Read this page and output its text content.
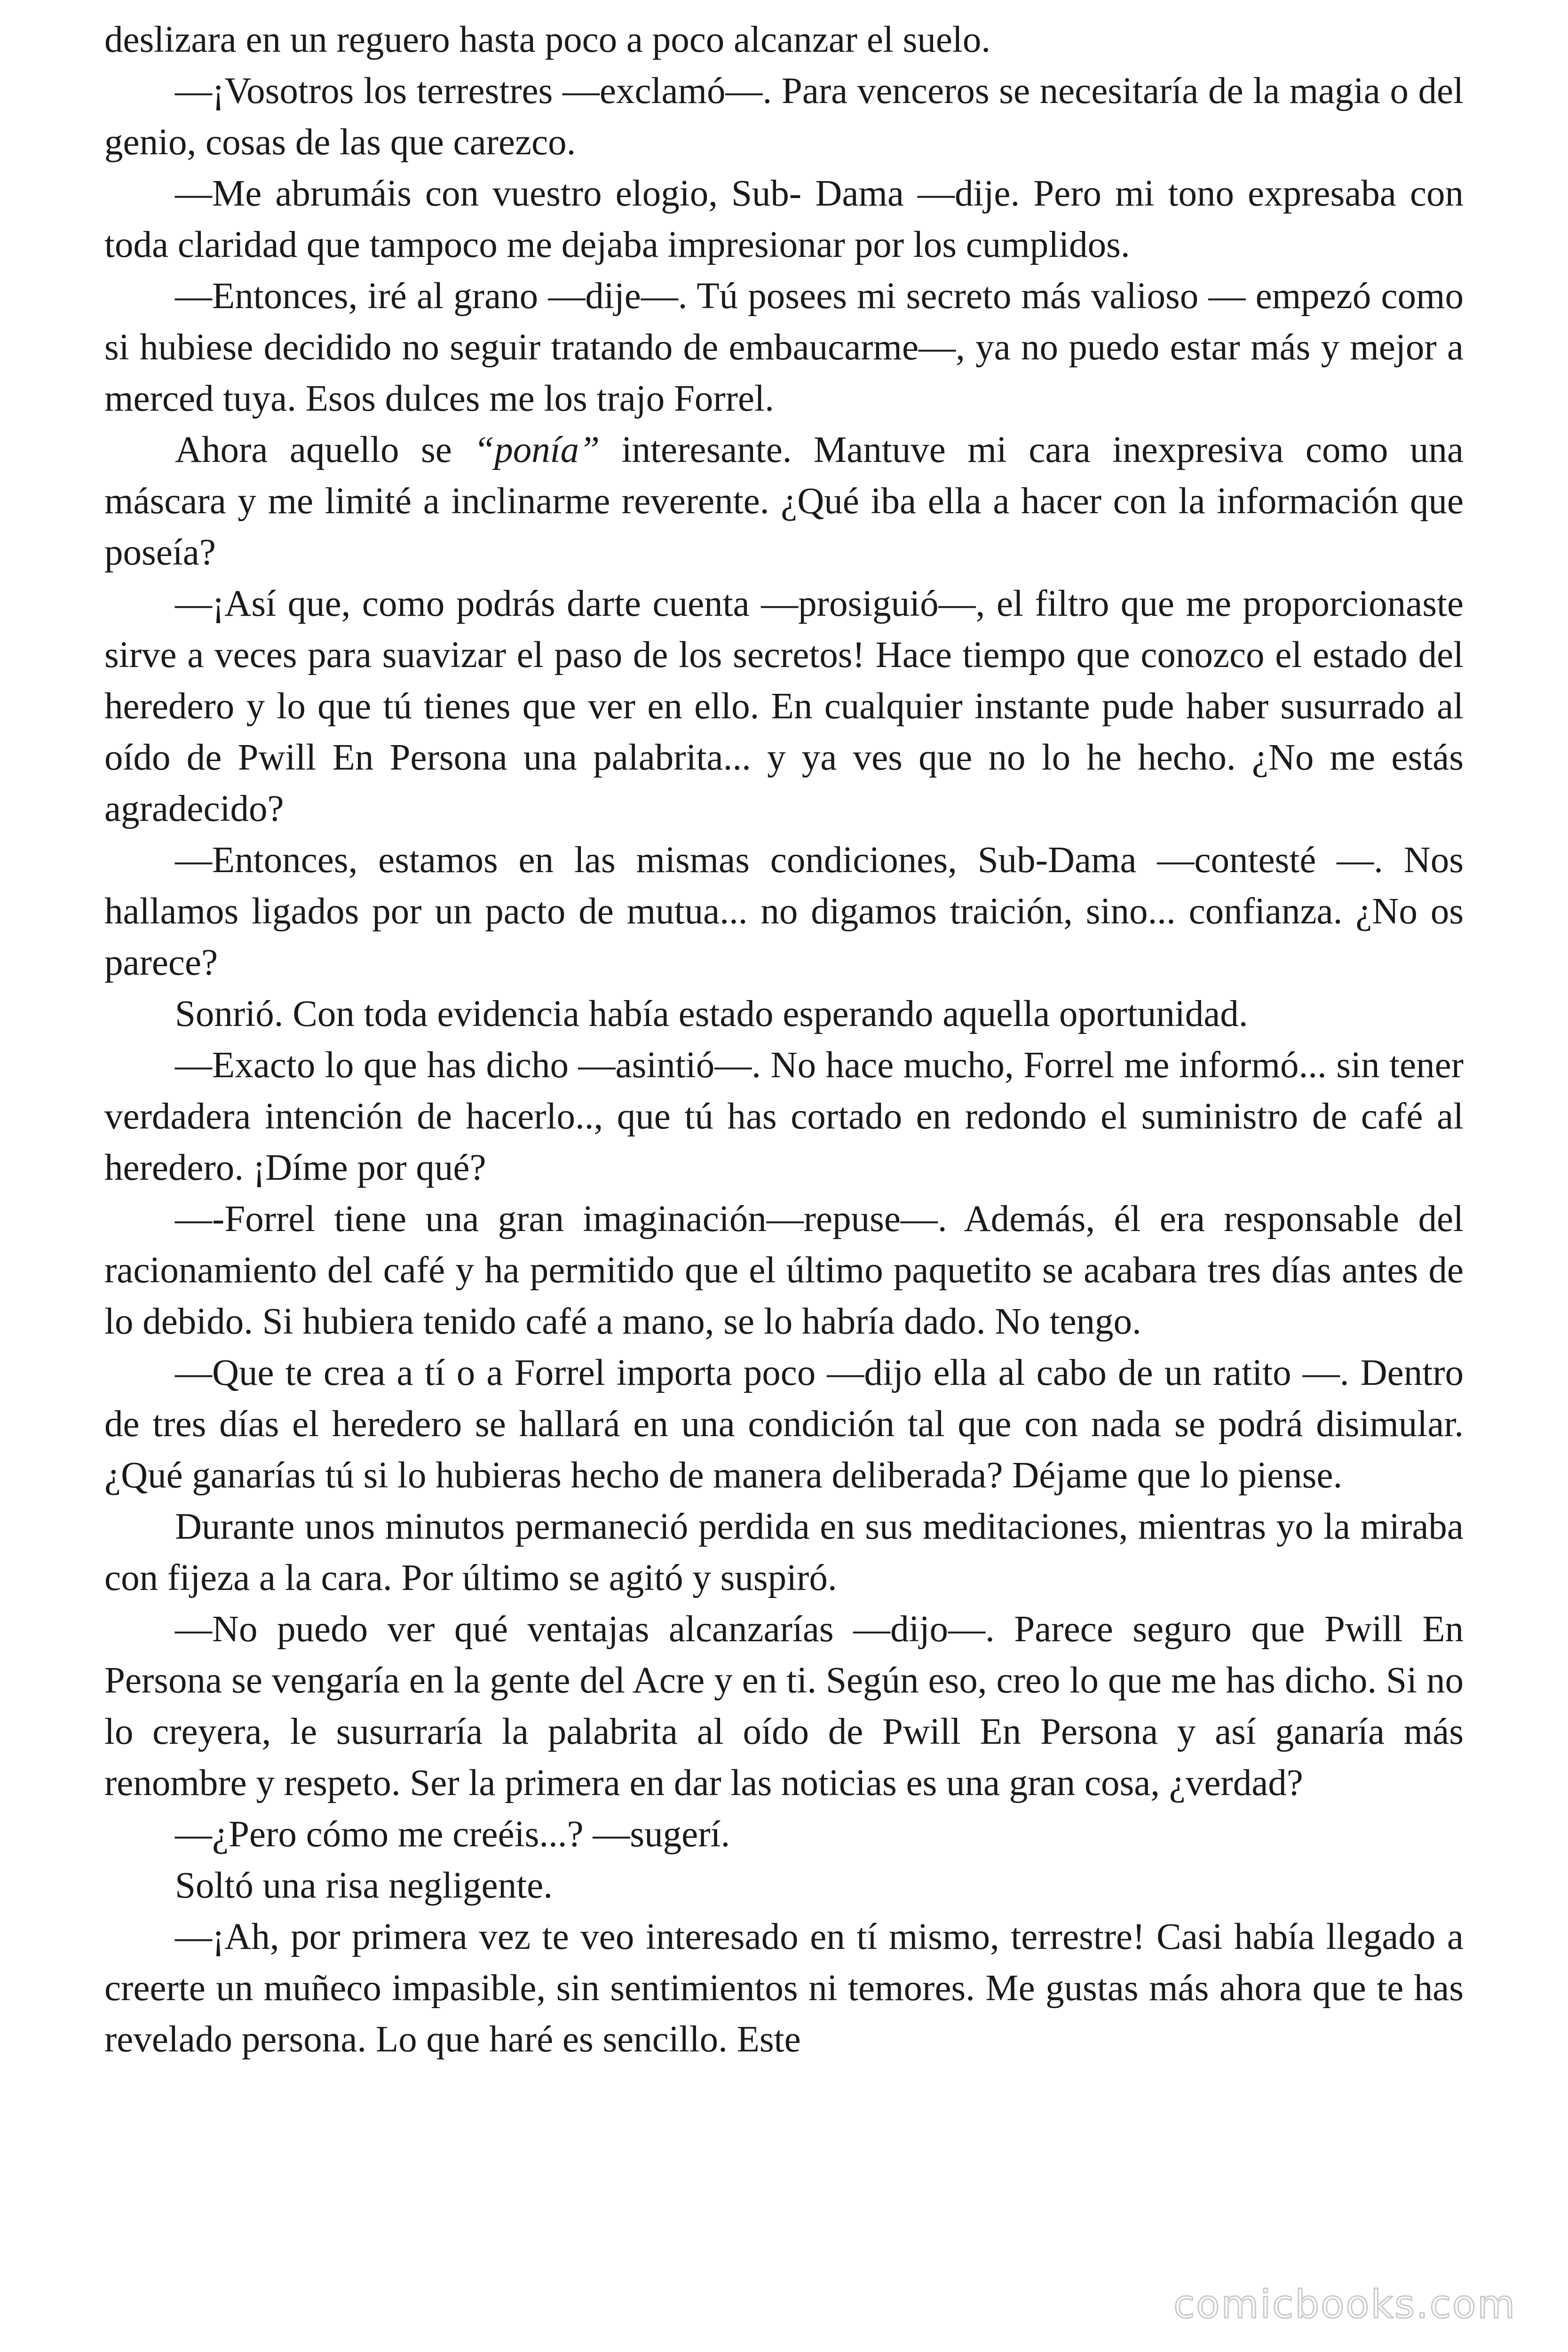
deslizara en un reguero hasta poco a poco alcanzar el suelo.

—¡Vosotros los terrestres —exclamó—. Para venceros se necesitaría de la magia o del genio, cosas de las que carezco.

—Me abrumáis con vuestro elogio, Sub- Dama —dije. Pero mi tono expresaba con toda claridad que tampoco me dejaba impresionar por los cumplidos.

—Entonces, iré al grano —dije—. Tú posees mi secreto más valioso — empezó como si hubiese decidido no seguir tratando de embaucarme—, ya no puedo estar más y mejor a merced tuya. Esos dulces me los trajo Forrel.

Ahora aquello se “ponía” interesante. Mantuve mi cara inexpresiva como una máscara y me limité a inclinarme reverente. ¿Qué iba ella a hacer con la información que poseía?

—¡Así que, como podrás darte cuenta —prosiguió—, el filtro que me proporcionaste sirve a veces para suavizar el paso de los secretos! Hace tiempo que conozco el estado del heredero y lo que tú tienes que ver en ello. En cualquier instante pude haber susurrado al oído de Pwill En Persona una palabrita... y ya ves que no lo he hecho. ¿No me estás agradecido?

—Entonces, estamos en las mismas condiciones, Sub-Dama —contesté —. Nos hallamos ligados por un pacto de mutua... no digamos traición, sino... confianza. ¿No os parece?

Sonrió. Con toda evidencia había estado esperando aquella oportunidad.

—Exacto lo que has dicho —asintió—. No hace mucho, Forrel me informó... sin tener verdadera intención de hacerlo.., que tú has cortado en redondo el suministro de café al heredero. ¡Díme por qué?

—-Forrel tiene una gran imaginación—repuse—. Además, él era responsable del racionamiento del café y ha permitido que el último paquetito se acabara tres días antes de lo debido. Si hubiera tenido café a mano, se lo habría dado. No tengo.

—Que te crea a tí o a Forrel importa poco —dijo ella al cabo de un ratito —. Dentro de tres días el heredero se hallará en una condición tal que con nada se podrá disimular. ¿Qué ganarías tú si lo hubieras hecho de manera deliberada? Déjame que lo piense.

Durante unos minutos permaneció perdida en sus meditaciones, mientras yo la miraba con fijeza a la cara. Por último se agitó y suspiró.

—No puedo ver qué ventajas alcanzarías —dijo—. Parece seguro que Pwill En Persona se vengaría en la gente del Acre y en ti. Según eso, creo lo que me has dicho. Si no lo creyera, le susurraría la palabrita al oído de Pwill En Persona y así ganaría más renombre y respeto. Ser la primera en dar las noticias es una gran cosa, ¿verdad?

—¿Pero cómo me creéis...? —sugerí.

Soltó una risa negligente.

—¡Ah, por primera vez te veo interesado en tí mismo, terrestre! Casi había llegado a creerte un muñeco impasible, sin sentimientos ni temores. Me gustas más ahora que te has revelado persona. Lo que haré es sencillo. Este

comicbooks.com
